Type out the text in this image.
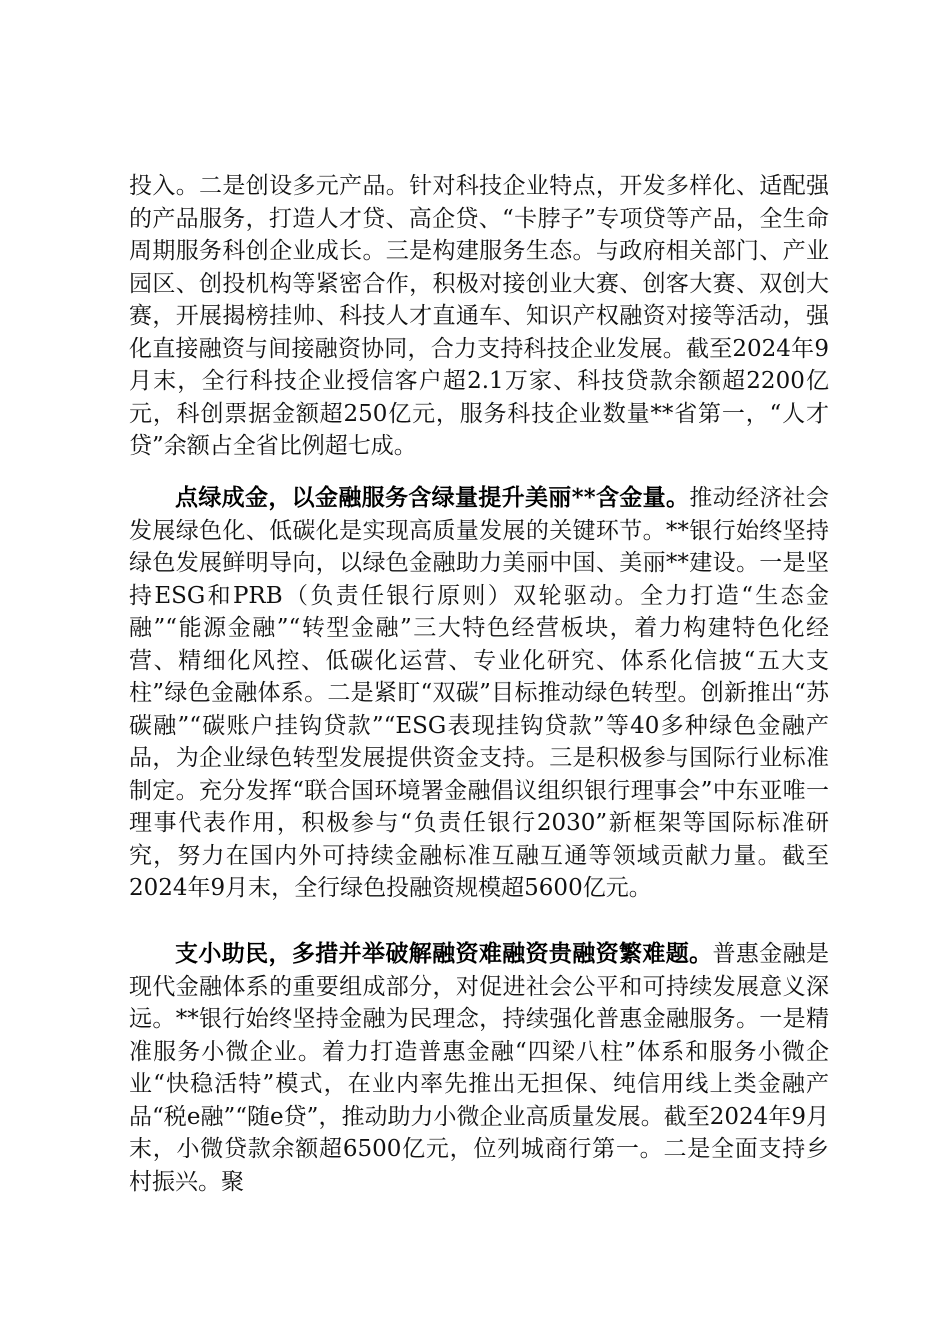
投入。二是创设多元产品。针对科技企业特点，开发多样化、适配强的产品服务，打造人才贷、高企贷、“卡脖子”专项贷等产品，全生命周期服务科创企业成长。三是构建服务生态。与政府相关部门、产业园区、创投机构等紧密合作，积极对接创业大赛、创客大赛、双创大赛，开展揭榜挂帅、科技人才直通车、知识产权融资对接等活动，强化直接融资与间接融资协同，合力支持科技企业发展。截至2024年9月末，全行科技企业授信客户超2.1万家、科技贷款余额超2200亿元，科创票据金额超250亿元，服务科技企业数量**省第一，“人才贷”余额占全省比例超七成。

点绿成金，以金融服务含绿量提升美丽**含金量。推动经济社会发展绿色化、低碳化是实现高质量发展的关键环节。**银行始终坚持绿色发展鲜明导向，以绿色金融助力美丽中国、美丽**建设。一是坚持ESG和PRB（负责任银行原则）双轮驱动。全力打造“生态金融”“能源金融”“转型金融”三大特色经营板块，着力构建特色化经营、精细化风控、低碳化运营、专业化研究、体系化信披“五大支柱”绿色金融体系。二是紧盯“双碳”目标推动绿色转型。创新推出“苏碳融”“碳账户挂钩贷款”“ESG表现挂钩贷款”等40多种绿色金融产品，为企业绿色转型发展提供资金支持。三是积极参与国际行业标准制定。充分发挥“联合国环境署金融倡议组织银行理事会”中东亚唯一理事代表作用，积极参与“负责任银行2030”新框架等国际标准研究，努力在国内外可持续金融标准互融互通等领域贡献力量。截至2024年9月末，全行绿色投融资规模超5600亿元。

支小助民，多措并举破解融资难融资贵融资繁难题。普惠金融是现代金融体系的重要组成部分，对促进社会公平和可持续发展意义深远。**银行始终坚持金融为民理念，持续强化普惠金融服务。一是精准服务小微企业。着力打造普惠金融“四梁八柱”体系和服务小微企业“快稳活特”模式，在业内率先推出无担保、纯信用线上类金融产品“税e融”“随e贷”，推动助力小微企业高质量发展。截至2024年9月末，小微贷款余额超6500亿元，位列城商行第一。二是全面支持乡村振兴。聚
